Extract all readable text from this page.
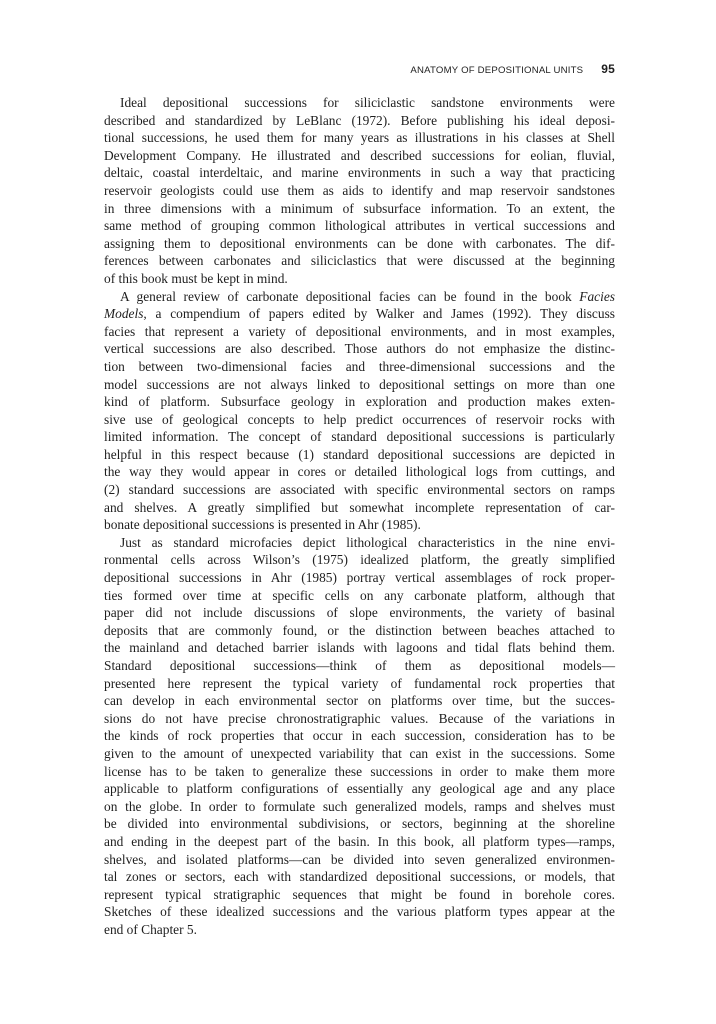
ANATOMY OF DEPOSITIONAL UNITS 95

Ideal depositional successions for siliciclastic sandstone environments were
described and standardized by LeBlanc (1972). Before publishing his ideal deposi-
tional successions, he used them for many years as illustrations in his classes at Shell
Development Company. He illustrated and described successions for eolian, fluvial,
deltaic, coastal interdeltaic, and marine environments in such a way that practicing
reservoir geologists could use them as aids to identify and map reservoir sandstones
in three dimensions with a minimum of subsurface information. To an extent, the
same method of grouping common lithological attributes in vertical successions and
assigning them to depositional environments can be done with carbonates. The dif-
ferences between carbonates and siliciclastics that were discussed at the beginning
of this book must be kept in mind.

A general review of carbonate depositional facies can be found in the book Facies
Models, a compendium of papers edited by Walker and James (1992). They discuss
facies that represent a variety of depositional environments, and in most examples,
vertical successions are also described. Those authors do not emphasize the distinc-
tion between two-dimensional facies and three-dimensional successions and the
model successions are not always linked to depositional settings on more than one
kind of platform. Subsurface geology in exploration and production makes exten-
sive use of geological concepts to help predict occurrences of reservoir rocks with
limited information. The concept of standard depositional successions is particularly
helpful in this respect because (1) standard depositional successions are depicted in
the way they would appear in cores or detailed lithological logs from cuttings, and
(2) standard successions are associated with specific environmental sectors on ramps
and shelves. A greatly simplified but somewhat incomplete representation of car-
bonate depositional successions is presented in Ahr (1985).

Just as standard microfacies depict lithological characteristics in the nine envi-
ronmental cells across Wilson’s (1975) idealized platform, the greatly simplified
depositional successions in Ahr (1985) portray vertical assemblages of rock proper-
ties formed over time at specific cells on any carbonate platform, although that
paper did not include discussions of slope environments, the variety of basinal
deposits that are commonly found, or the distinction between beaches attached to
the mainland and detached barrier islands with lagoons and tidal flats behind them.
Standard depositional successions—think of them as depositional models—
presented here represent the typical variety of fundamental rock properties that
can develop in each environmental sector on platforms over time, but the succes-
sions do not have precise chronostratigraphic values. Because of the variations in
the kinds of rock properties that occur in each succession, consideration has to be
given to the amount of unexpected variability that can exist in the successions. Some
license has to be taken to generalize these successions in order to make them more
applicable to platform configurations of essentially any geological age and any place
on the globe. In order to formulate such generalized models, ramps and shelves must
be divided into environmental subdivisions, or sectors, beginning at the shoreline
and ending in the deepest part of the basin. In this book, all platform types—ramps,
shelves, and isolated platforms—can be divided into seven generalized environmen-
tal zones or sectors, each with standardized depositional successions, or models, that
represent typical stratigraphic sequences that might be found in borehole cores.
Sketches of these idealized successions and the various platform types appear at the
end of Chapter 5.
